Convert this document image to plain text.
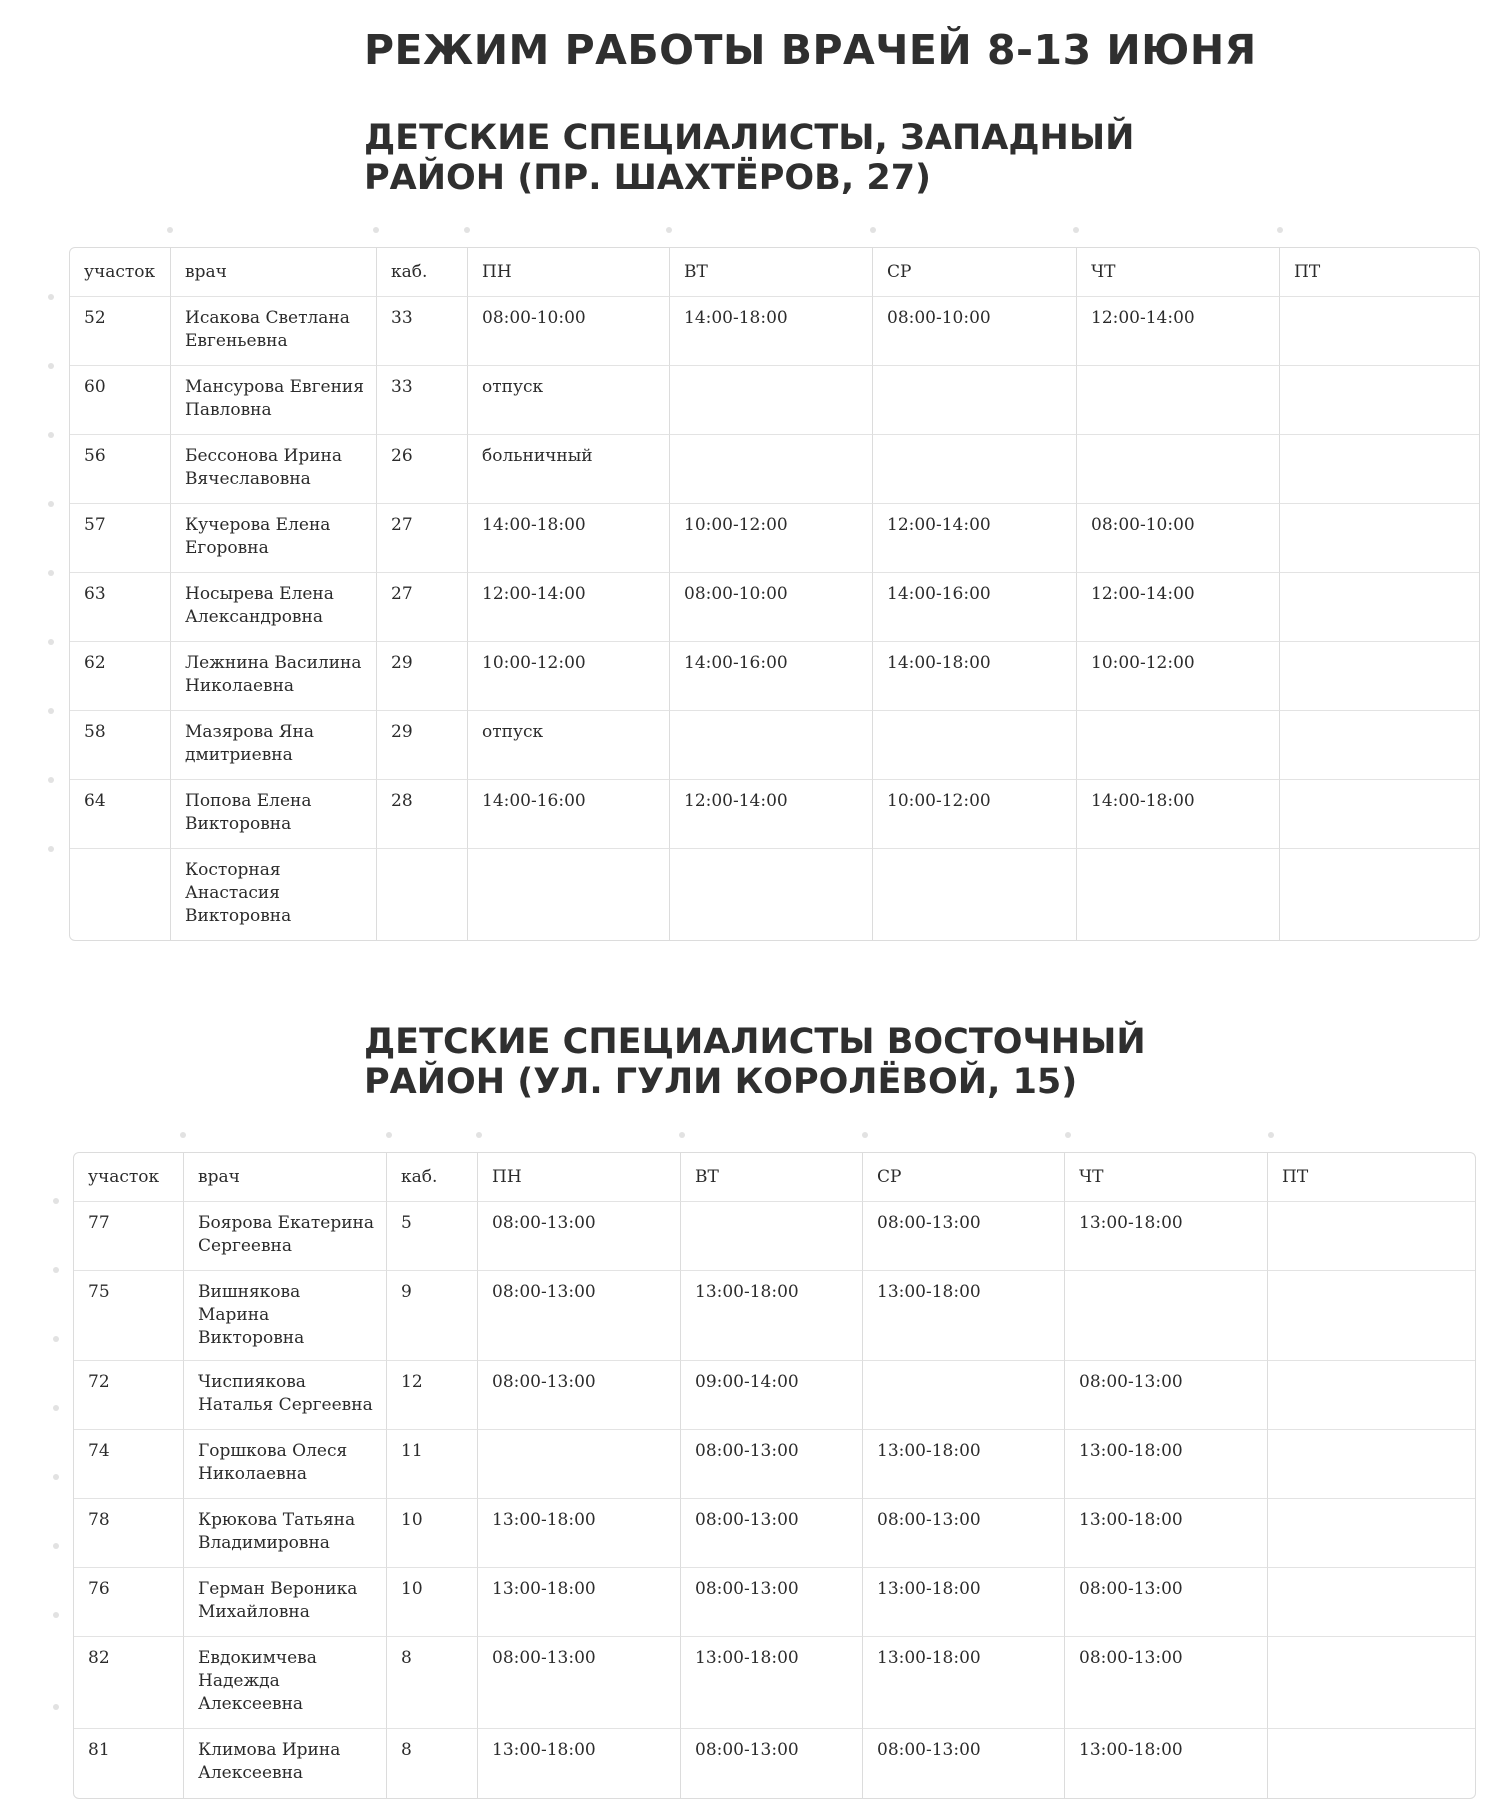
РЕЖИМ РАБОТЫ ВРАЧЕЙ 8-13 ИЮНЯ
ДЕТСКИЕ СПЕЦИАЛИСТЫ, ЗАПАДНЫЙ
РАЙОН (ПР. ШАХТЁРОВ, 27)
участок	врач	каб.	ПН	ВТ	СР	ЧТ	ПТ
52	Исакова Светлана Евгеньевна	33	08:00-10:00	14:00-18:00	08:00-10:00	12:00-14:00	
60	Мансурова Евгения Павловна	33	отпуск				
56	Бессонова Ирина Вячеславовна	26	больничный				
57	Кучерова Елена Егоровна	27	14:00-18:00	10:00-12:00	12:00-14:00	08:00-10:00	
63	Носырева Елена Александровна	27	12:00-14:00	08:00-10:00	14:00-16:00	12:00-14:00	
62	Лежнина Василина Николаевна	29	10:00-12:00	14:00-16:00	14:00-18:00	10:00-12:00	
58	Мазярова Яна дмитриевна	29	отпуск				
64	Попова Елена Викторовна	28	14:00-16:00	12:00-14:00	10:00-12:00	14:00-18:00	
	Косторная Анастасия Викторовна						
ДЕТСКИЕ СПЕЦИАЛИСТЫ ВОСТОЧНЫЙ
РАЙОН (УЛ. ГУЛИ КОРОЛЁВОЙ, 15)
участок	врач	каб.	ПН	ВТ	СР	ЧТ	ПТ
77	Боярова Екатерина Сергеевна	5	08:00-13:00		08:00-13:00	13:00-18:00	
75	Вишнякова Марина Викторовна	9	08:00-13:00	13:00-18:00	13:00-18:00		
72	Чиспиякова Наталья Сергеевна	12	08:00-13:00	09:00-14:00		08:00-13:00	
74	Горшкова Олеся Николаевна	11		08:00-13:00	13:00-18:00	13:00-18:00	
78	Крюкова Татьяна Владимировна	10	13:00-18:00	08:00-13:00	08:00-13:00	13:00-18:00	
76	Герман Вероника Михайловна	10	13:00-18:00	08:00-13:00	13:00-18:00	08:00-13:00	
82	Евдокимчева Надежда Алексеевна	8	08:00-13:00	13:00-18:00	13:00-18:00	08:00-13:00	
81	Климова Ирина Алексеевна	8	13:00-18:00	08:00-13:00	08:00-13:00	13:00-18:00	
